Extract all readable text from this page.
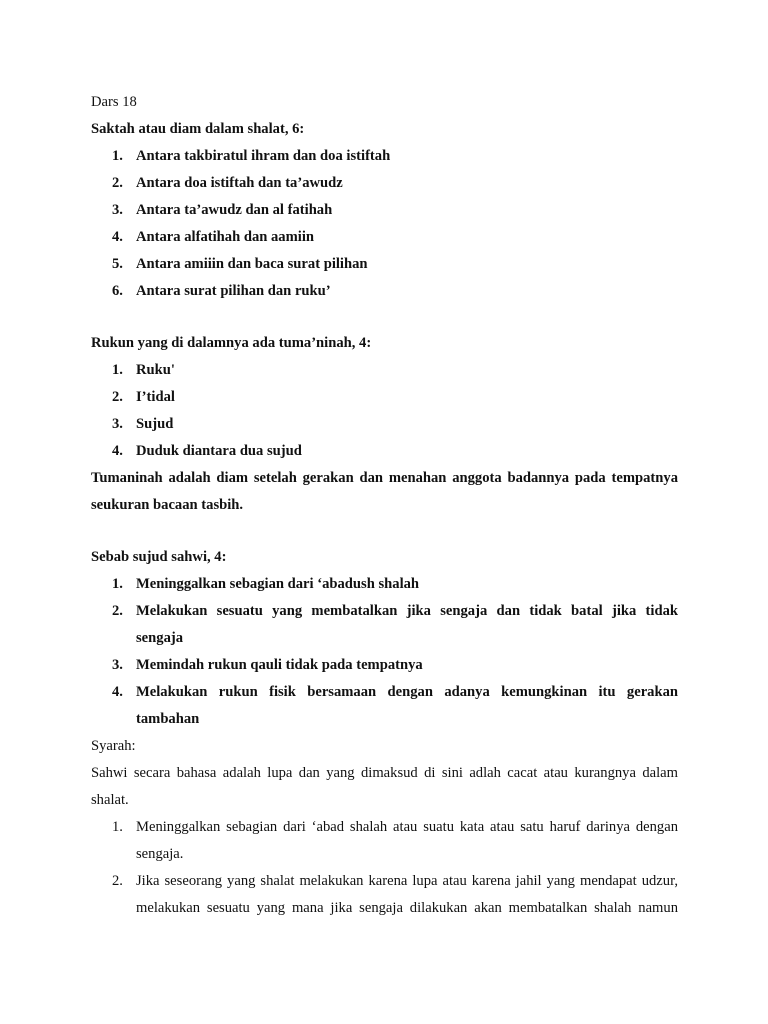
Dars 18
Saktah atau diam dalam shalat, 6:
1. Antara takbiratul ihram dan doa istiftah
2. Antara doa istiftah dan ta’awudz
3. Antara ta’awudz dan al fatihah
4. Antara alfatihah dan aamiin
5. Antara amiiin dan baca surat pilihan
6. Antara surat pilihan dan ruku’
Rukun yang di dalamnya ada tuma’ninah, 4:
1. Ruku'
2. I’tidal
3. Sujud
4. Duduk diantara dua sujud
Tumaninah adalah diam setelah gerakan dan menahan anggota badannya pada tempatnya
seukuran bacaan tasbih.
Sebab sujud sahwi, 4:
1. Meninggalkan sebagian dari ‘abadush shalah
2. Melakukan sesuatu yang membatalkan jika sengaja dan tidak batal jika tidak
sengaja
3. Memindah rukun qauli tidak pada tempatnya
4. Melakukan rukun fisik bersamaan dengan adanya kemungkinan itu gerakan
tambahan
Syarah:
Sahwi secara bahasa adalah lupa dan yang dimaksud di sini adlah cacat atau kurangnya dalam
shalat.
1. Meninggalkan sebagian dari ‘abad shalah atau suatu kata atau satu haruf darinya dengan
sengaja.
2. Jika seseorang yang shalat melakukan karena lupa atau karena jahil yang mendapat udzur,
melakukan sesuatu yang mana jika sengaja dilakukan akan membatalkan shalah namun
